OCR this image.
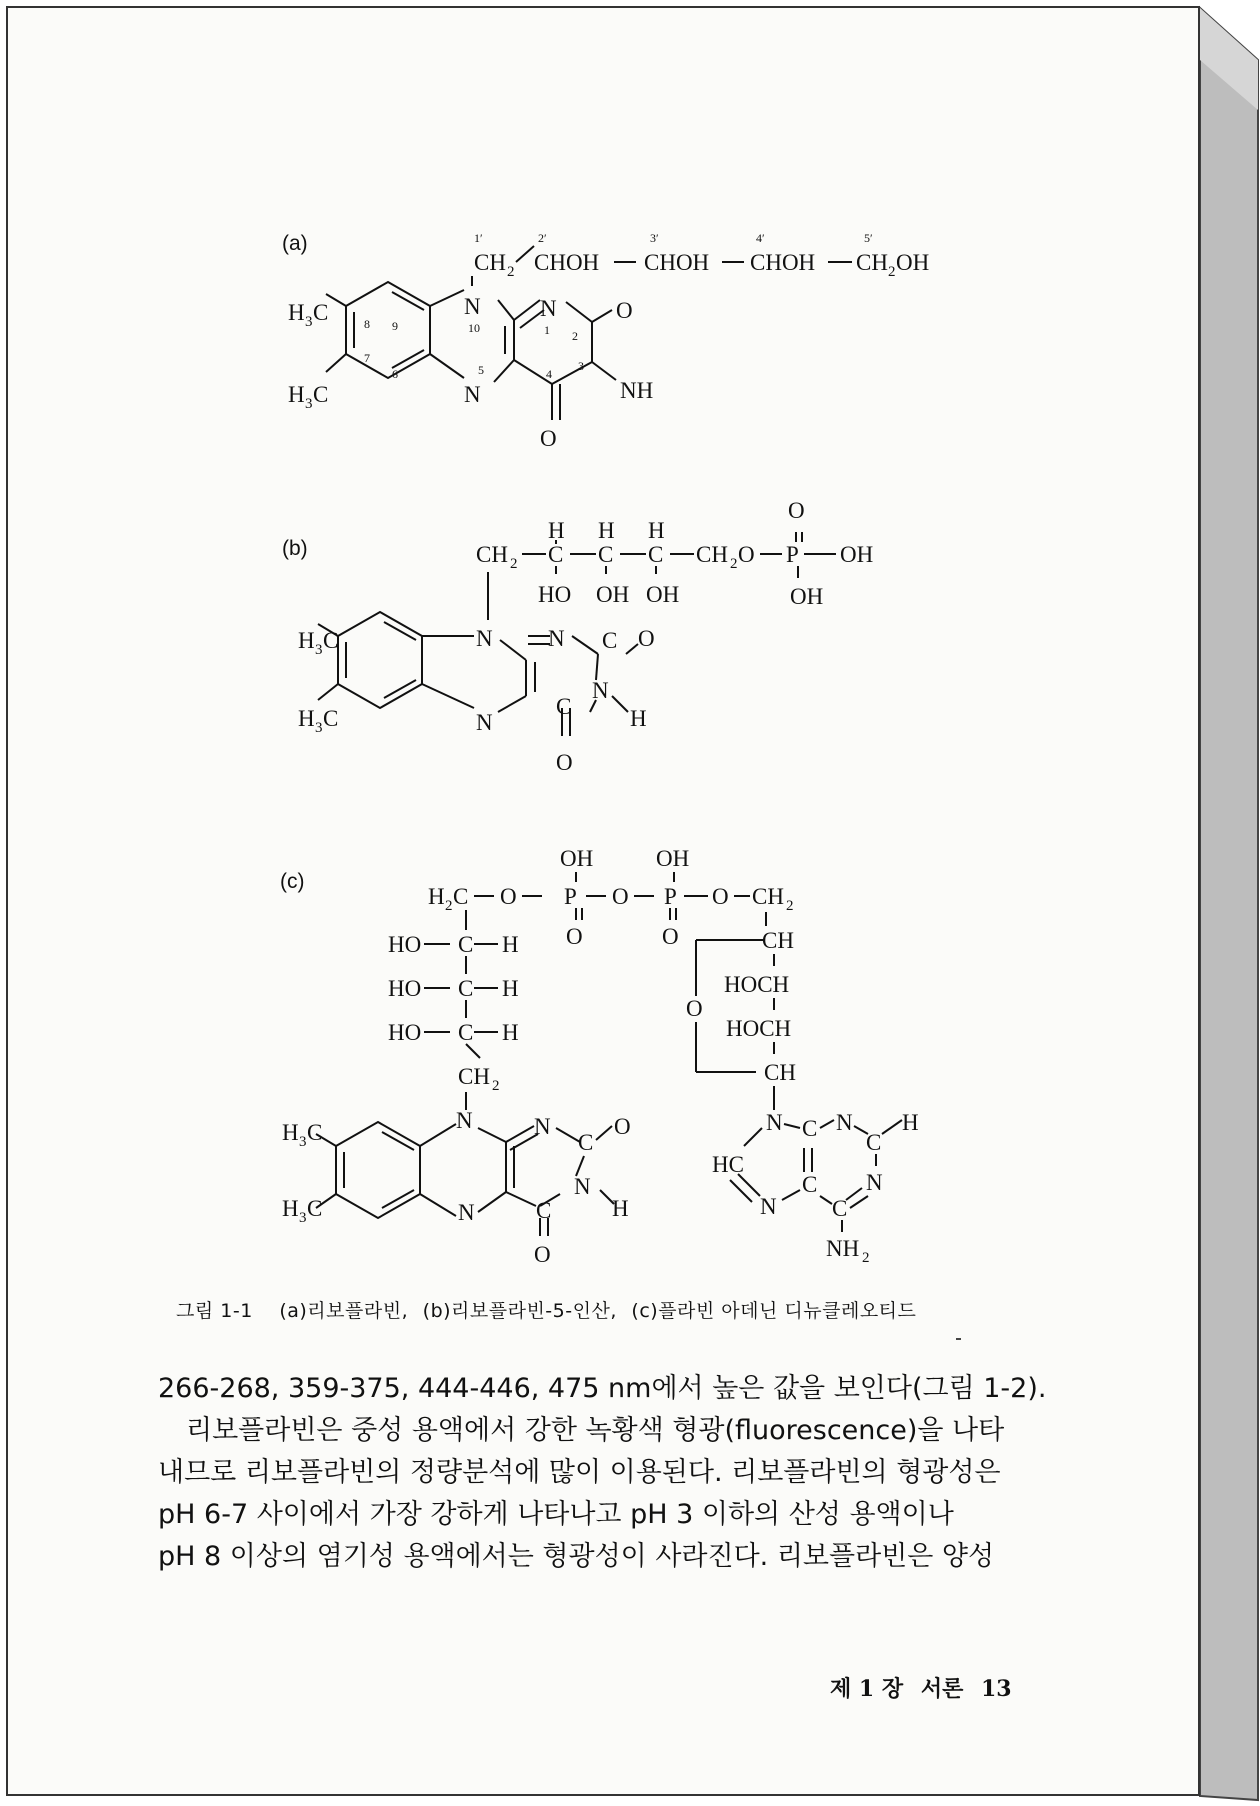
(a)
O
NH
O
N	N
N
8 9
7
6
10	1 2
3
4
5
H 3 C
H 3 C
1′
CH 2
2′
CHOH
3′
CHOH
4′
CHOH
5′
CH 2 OH
(b)
N N C O
N
H
C
O
N
H 3 C
H 3 C
CH 2 C
H
HO
C
H
OH
C
H
OH
CH 2 O P
O
OH
OH
(c)
H 2 C O P
OH
O
O P
OH
O
O CH 2
HO C H
HO C H
HO C H
CH 2
N	N
C
O
N
H
C
O
N
H 3 C
H 3 C
CH
O
HOCH
HOCH
CH
N
HC
N
C
C N
C
H
N
C
NH 2
그림 1-1 (a)리보플라빈, (b)리보플라빈-5-인산, (c)플라빈 아데닌 디뉴클레오티드

266-268, 359-375, 444-446, 475 nm에서 높은 값을 보인다(그림 1-2).

리보플라빈은 중성 용액에서 강한 녹황색 형광(fluorescence)을 나타

내므로 리보플라빈의 정량분석에 많이 이용된다. 리보플라빈의 형광성은

pH 6-7 사이에서 가장 강하게 나타나고 pH 3 이하의 산성 용액이나

pH 8 이상의 염기성 용액에서는 형광성이 사라진다. 리보플라빈은 양성

제 1 장 서론 13
